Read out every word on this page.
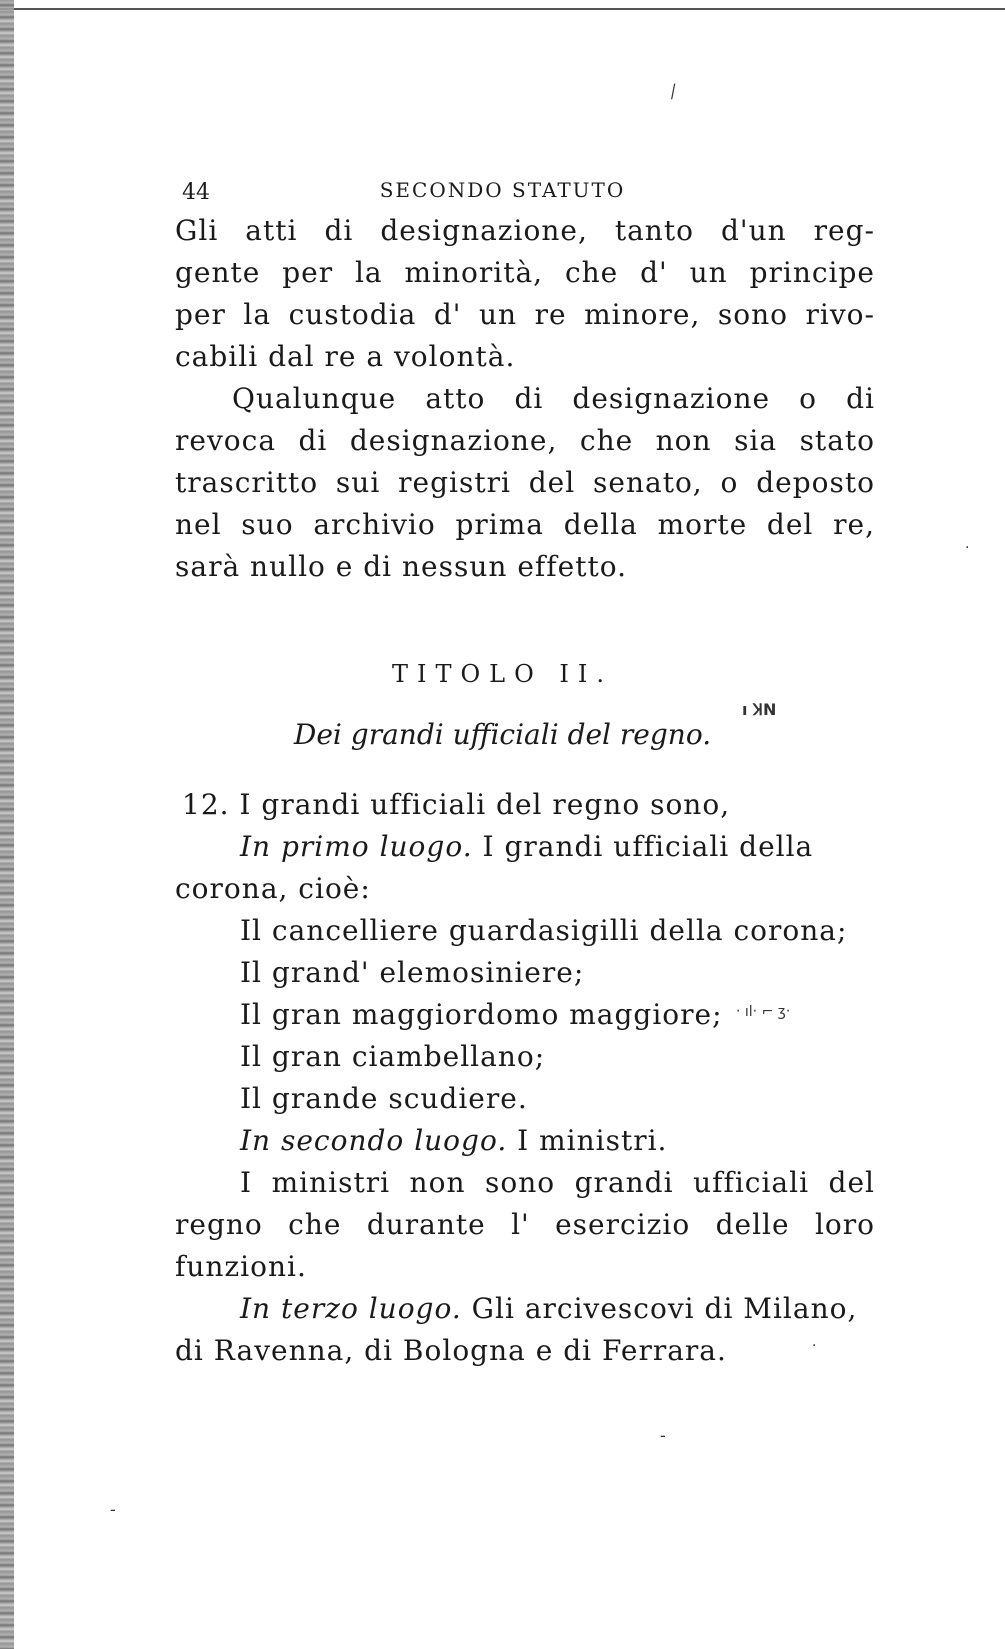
⁄
44	SECONDO STATUTO
Gli atti di designazione, tanto d'un reg-
gente per la minorità, che d' un principe
per la custodia d' un re minore, sono rivo-
cabili dal re a volontà.
Qualunque atto di designazione o di
revoca di designazione, che non sia stato
trascritto sui registri del senato, o deposto
nel suo archivio prima della morte del re,
sarà nullo e di nessun effetto.
·
TITOLO II.
Dei grandi ufficiali del regno.
ı ꞰN
12. I grandi ufficiali del regno sono,
In primo luogo. I grandi ufficiali della
corona, cioè:
Il cancelliere guardasigilli della corona;
Il grand' elemosiniere;
Il gran maggiordomo maggiore;
Il gran ciambellano;
Il grande scudiere.
‧ ıl‧ ⌐ ʒ‧
In secondo luogo. I ministri.
I ministri non sono grandi ufficiali del
regno che durante l' esercizio delle loro
funzioni.
In terzo luogo. Gli arcivescovi di Milano,
di Ravenna, di Bologna e di Ferrara.	·
-
-
